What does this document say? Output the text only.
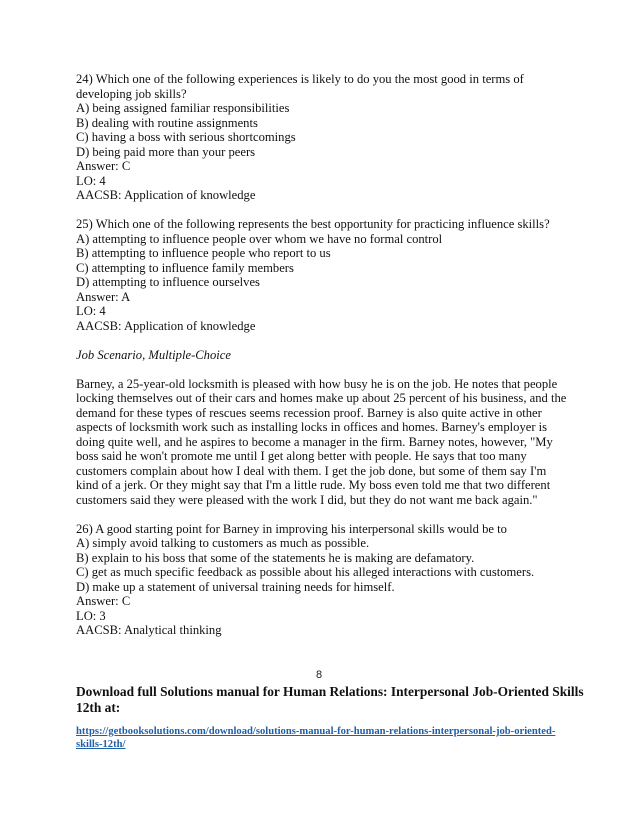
24) Which one of the following experiences is likely to do you the most good in terms of
developing job skills?
A) being assigned familiar responsibilities
B) dealing with routine assignments
C) having a boss with serious shortcomings
D) being paid more than your peers
Answer: C
LO: 4
AACSB: Application of knowledge
25) Which one of the following represents the best opportunity for practicing influence skills?
A) attempting to influence people over whom we have no formal control
B) attempting to influence people who report to us
C) attempting to influence family members
D) attempting to influence ourselves
Answer: A
LO: 4
AACSB: Application of knowledge
Job Scenario, Multiple-Choice
Barney, a 25-year-old locksmith is pleased with how busy he is on the job. He notes that people
locking themselves out of their cars and homes make up about 25 percent of his business, and the
demand for these types of rescues seems recession proof. Barney is also quite active in other
aspects of locksmith work such as installing locks in offices and homes. Barney's employer is
doing quite well, and he aspires to become a manager in the firm. Barney notes, however, "My
boss said he won't promote me until I get along better with people. He says that too many
customers complain about how I deal with them. I get the job done, but some of them say I'm
kind of a jerk. Or they might say that I'm a little rude. My boss even told me that two different
customers said they were pleased with the work I did, but they do not want me back again."
26) A good starting point for Barney in improving his interpersonal skills would be to
A) simply avoid talking to customers as much as possible.
B) explain to his boss that some of the statements he is making are defamatory.
C) get as much specific feedback as possible about his alleged interactions with customers.
D) make up a statement of universal training needs for himself.
Answer: C
LO: 3
AACSB: Analytical thinking
8
Download full Solutions manual for Human Relations: Interpersonal Job-Oriented Skills
12th at:
https://getbooksolutions.com/download/solutions-manual-for-human-relations-interpersonal-job-oriented-
skills-12th/
